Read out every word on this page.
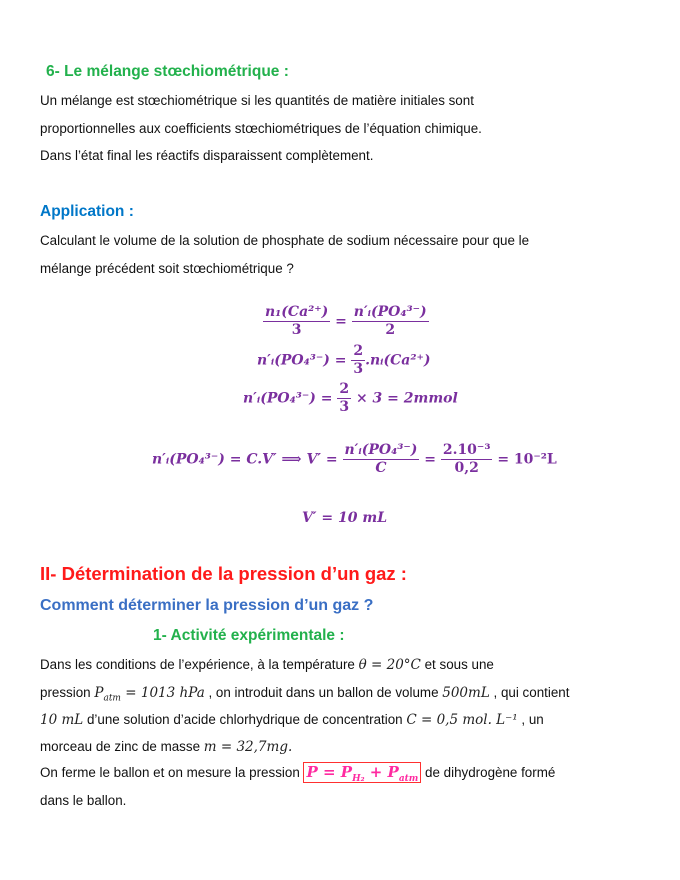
6- Le mélange stœchiométrique :
Un mélange est stœchiométrique si les quantités de matière initiales sont
proportionnelles aux coefficients stœchiométriques de l’équation chimique.
Dans l’état final les réactifs disparaissent complètement.
Application :
Calculant le volume de la solution de phosphate de sodium nécessaire pour que le
mélange précédent soit stœchiométrique ?
$\frac{\text{n₁(Ca²⁺)}}{3} = \frac{\text{n′ᵢ(PO₄³⁻)}}{2}$
n′ᵢ(PO₄³⁻) = $\frac{2}{3}$ .nᵢ(Ca²⁺)
n′ᵢ(PO₄³⁻) = $\frac{2}{3} \times 3$ = 2mmol
n′ᵢ(PO₄³⁻) = C.V′ ⟹ $V' = \frac{\text{n′ᵢ(PO₄³⁻)}}{C} = \frac{\text{2.10⁻³}}{0,2} = 10^{-2}L$
V′ = 10 mL
II- Détermination de la pression d’un gaz :
Comment déterminer la pression d’un gaz ?
1- Activité expérimentale :
Dans les conditions de l’expérience, à la température θ = 20°C et sous une
pression $P_{atm} = 1013$ hPa , on introduit dans un ballon de volume 500mL , qui contient
10 mL d’une solution d’acide chlorhydrique de concentration C = 0,5 mol. L⁻¹ , un
morceau de zinc de masse m = 32,7mg.
On ferme le ballon et on mesure la pression $P = P_{H_2} + P_{atm}$ de dihydrogène formé
dans le ballon.
